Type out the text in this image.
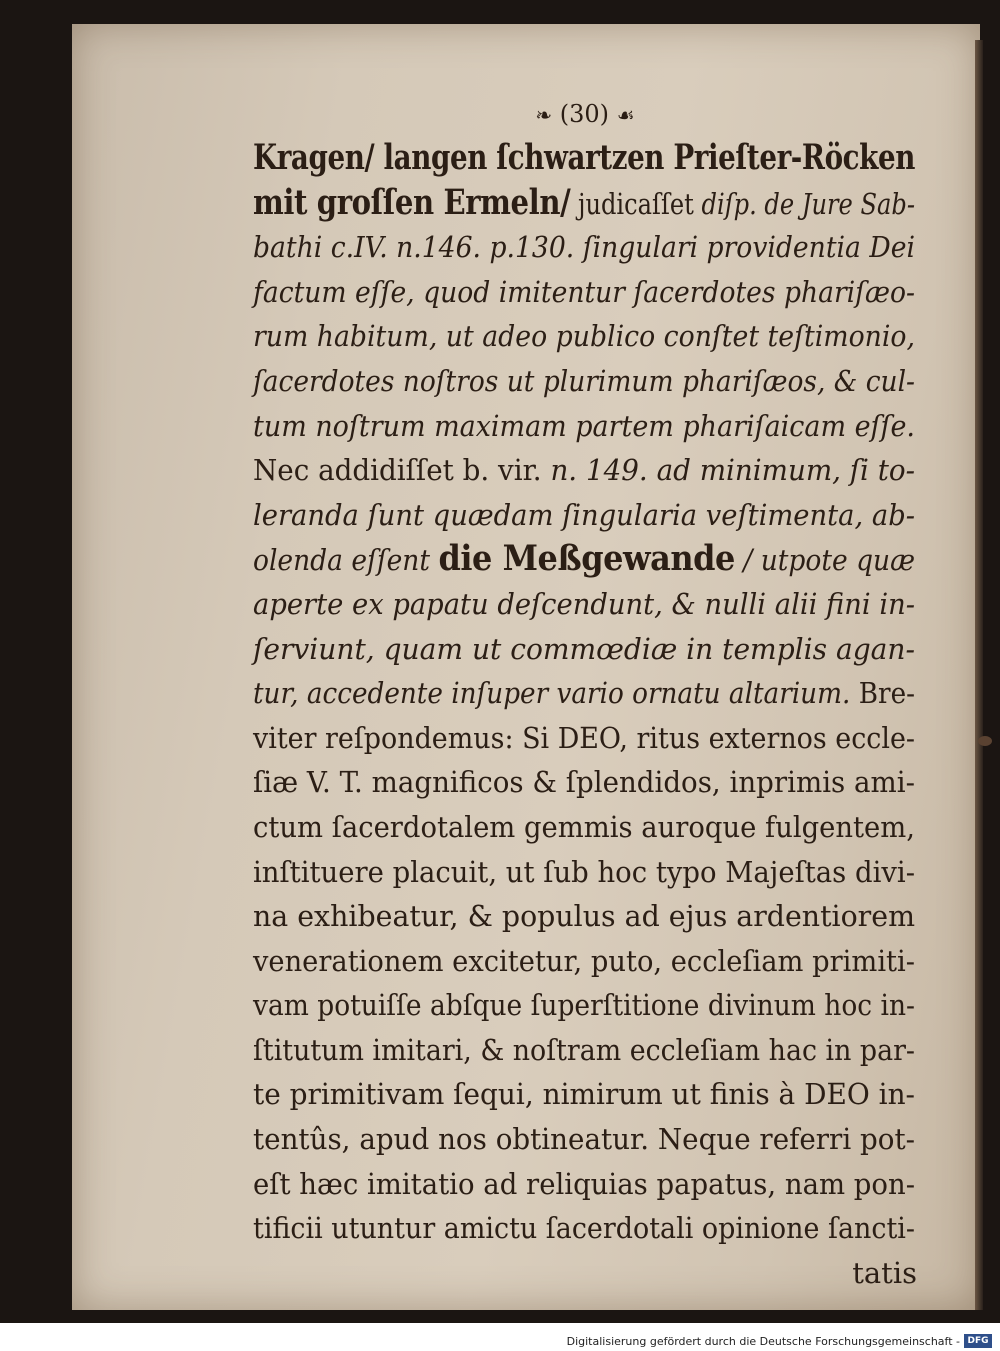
❧ (30) ☙
Kragen/ langen ſchwartzen Prieſter-Röcken
mit groſſen Ermeln/ judicaſſet diſp. de Jure Sab-
bathi c.IV. n.146. p.130. ſingulari providentia Dei
factum eſſe, quod imitentur ſacerdotes phariſæo-
rum habitum, ut adeo publico conſtet teſtimonio,
ſacerdotes noſtros ut plurimum phariſæos, & cul-
tum noſtrum maximam partem phariſaicam eſſe.
Nec addidiſſet b. vir. n. 149. ad minimum, ſi to-
leranda ſunt quædam ſingularia veſtimenta, ab-
olenda eſſent die Meßgewande / utpote quæ
aperte ex papatu deſcendunt, & nulli alii fini in-
ſerviunt, quam ut commœdiæ in templis agan-
tur, accedente inſuper vario ornatu altarium. Bre-
viter reſpondemus: Si DEO, ritus externos eccle-
ſiæ V. T. magnificos & ſplendidos, inprimis ami-
ctum ſacerdotalem gemmis auroque fulgentem,
inſtituere placuit, ut ſub hoc typo Majeſtas divi-
na exhibeatur, & populus ad ejus ardentiorem
venerationem excitetur, puto, eccleſiam primiti-
vam potuiſſe abſque ſuperſtitione divinum hoc in-
ſtitutum imitari, & noſtram eccleſiam hac in par-
te primitivam ſequi, nimirum ut finis à DEO in-
tentûs, apud nos obtineatur. Neque referri pot-
eſt hæc imitatio ad reliquias papatus, nam pon-
tificii utuntur amictu ſacerdotali opinione ſancti-
tatis
Digitalisierung gefördert durch die Deutsche Forschungsgemeinschaft - DFG
